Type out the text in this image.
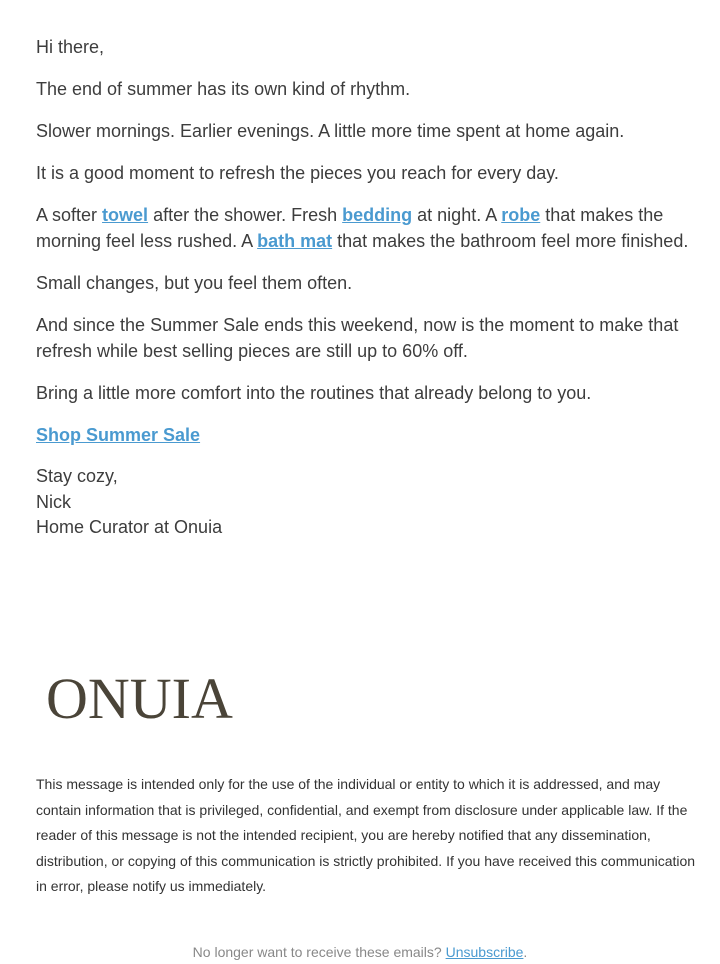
Hi there,

The end of summer has its own kind of rhythm.

Slower mornings. Earlier evenings. A little more time spent at home again.

It is a good moment to refresh the pieces you reach for every day.

A softer towel after the shower. Fresh bedding at night. A robe that makes the morning feel less rushed. A bath mat that makes the bathroom feel more finished.

Small changes, but you feel them often.

And since the Summer Sale ends this weekend, now is the moment to make that refresh while best selling pieces are still up to 60% off.

Bring a little more comfort into the routines that already belong to you.

Shop Summer Sale

Stay cozy,

Nick

Home Curator at Onuia

ONUIA

This message is intended only for the use of the individual or entity to which it is addressed, and may contain information that is privileged, confidential, and exempt from disclosure under applicable law. If the reader of this message is not the intended recipient, you are hereby notified that any dissemination, distribution, or copying of this communication is strictly prohibited. If you have received this communication in error, please notify us immediately.

No longer want to receive these emails? Unsubscribe.
